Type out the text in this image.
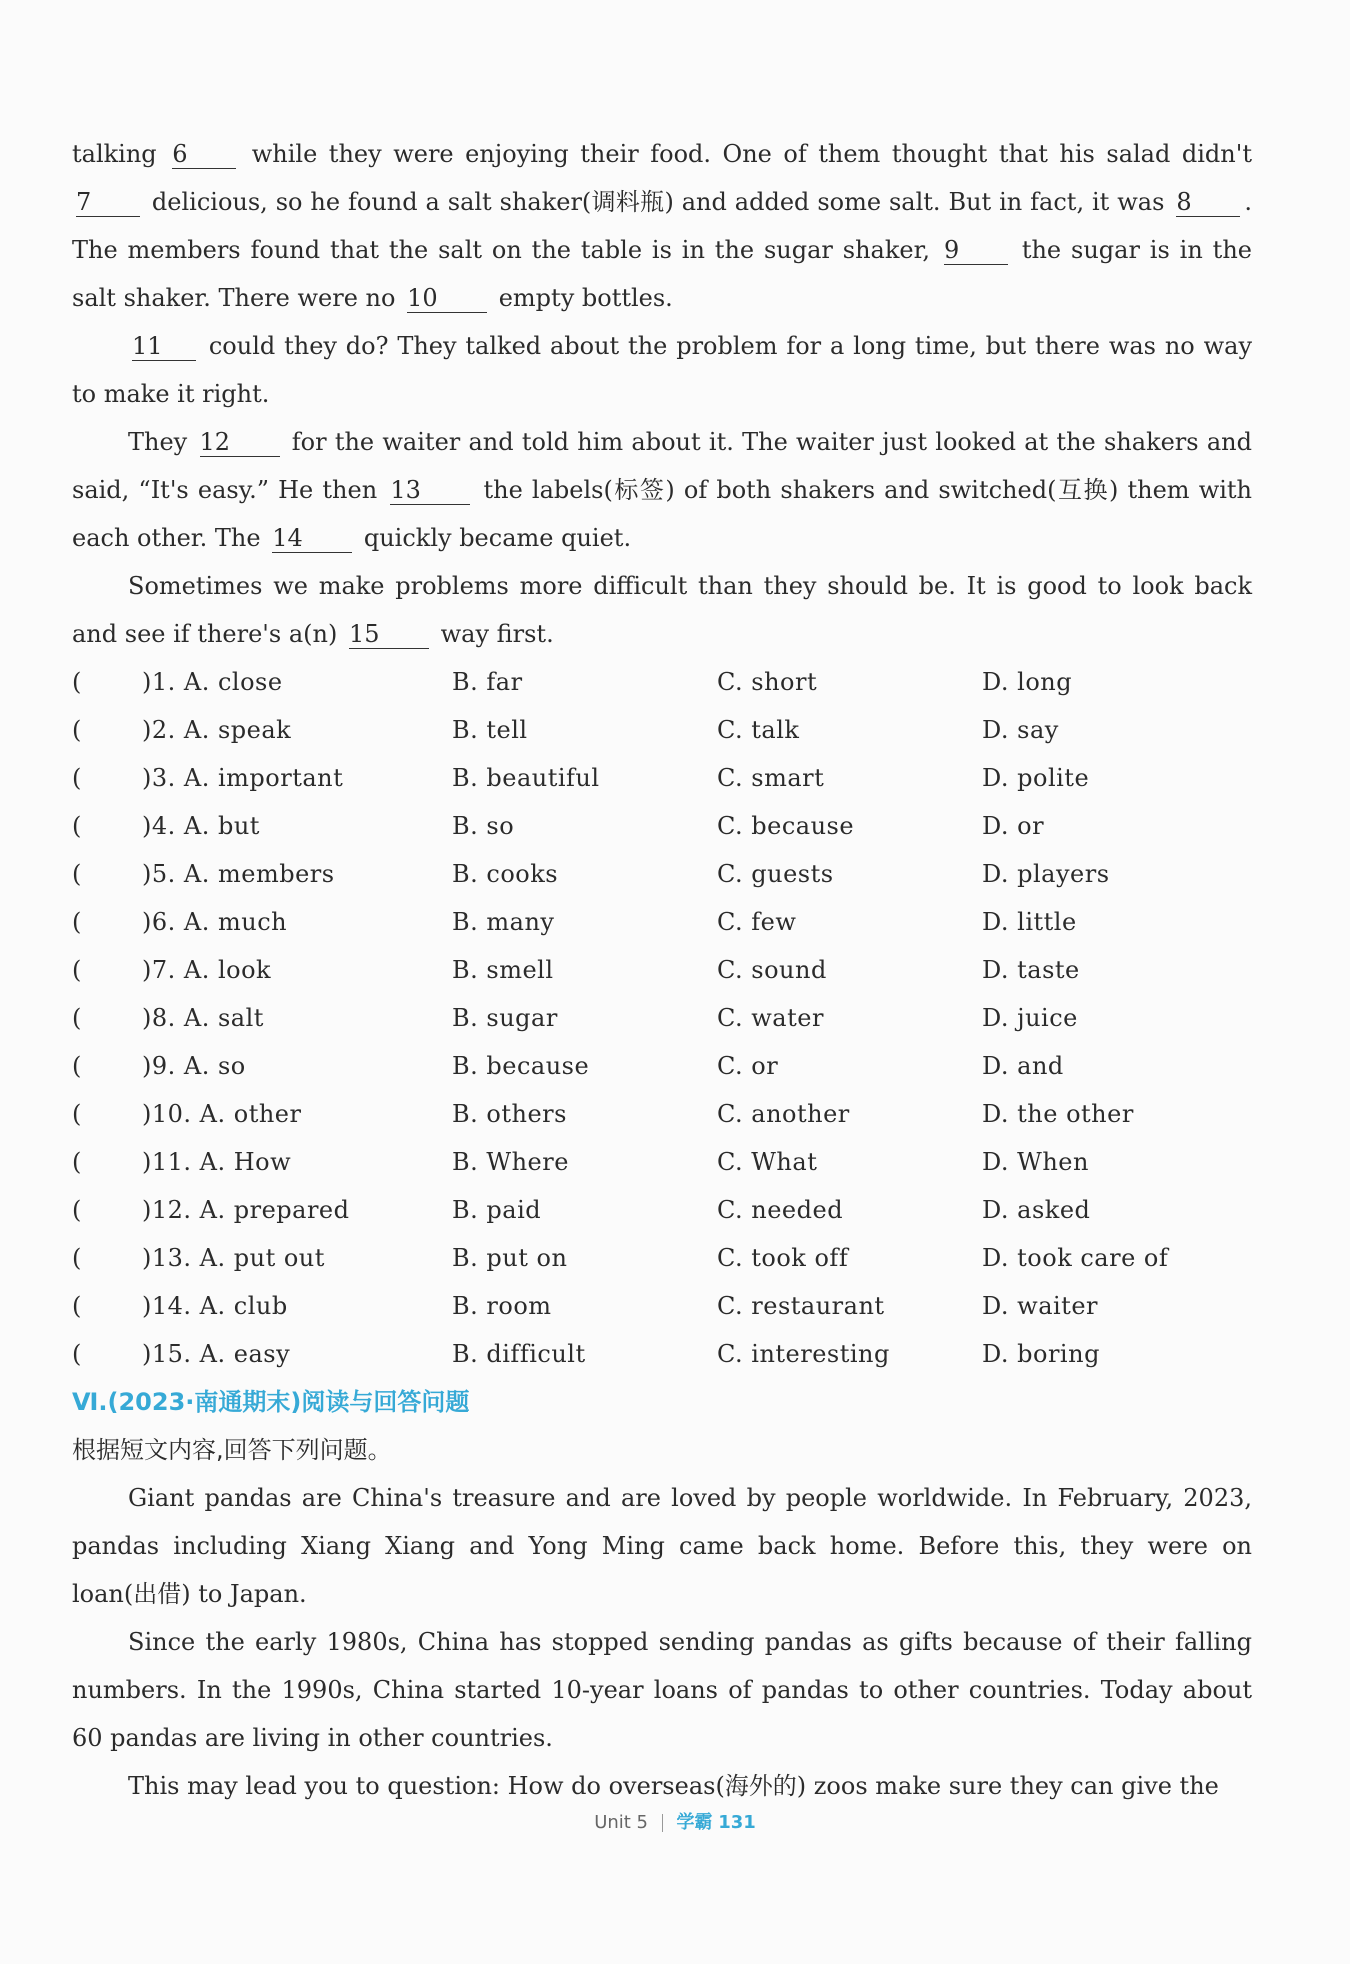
talking 6	while they were enjoying their food. One of them thought that his salad didn't 7	delicious, so he found a salt shaker(调料瓶) and added some salt. But in fact, it was 8 . The members found that the salt on the table is in the sugar shaker, 9	the sugar is in the salt shaker. There were no 10	empty bottles.

11 could they do? They talked about the problem for a long time, but there was no way to make it right.

They 12	for the waiter and told him about it. The waiter just looked at the shakers and said, “It's easy.” He then 13	the labels(标签) of both shakers and switched(互换) them with each other. The 14	quickly became quiet.

Sometimes we make problems more difficult than they should be. It is good to look back and see if there's a(n) 15	way first.

(	)1. A. close	B. far	C. short	D. long
(	)2. A. speak	B. tell	C. talk	D. say
(	)3. A. important	B. beautiful	C. smart	D. polite
(	)4. A. but	B. so	C. because	D. or
(	)5. A. members	B. cooks	C. guests	D. players
(	)6. A. much	B. many	C. few	D. little
(	)7. A. look	B. smell	C. sound	D. taste
(	)8. A. salt	B. sugar	C. water	D. juice
(	)9. A. so	B. because	C. or	D. and
(	)10. A. other	B. others	C. another	D. the other
(	)11. A. How	B. Where	C. What	D. When
(	)12. A. prepared	B. paid	C. needed	D. asked
(	)13. A. put out	B. put on	C. took off	D. took care of
(	)14. A. club	B. room	C. restaurant	D. waiter
(	)15. A. easy	B. difficult	C. interesting	D. boring

Ⅵ.(2023·南通期末)阅读与回答问题

根据短文内容,回答下列问题。

Giant pandas are China's treasure and are loved by people worldwide. In February, 2023, pandas including Xiang Xiang and Yong Ming came back home. Before this, they were on loan(出借) to Japan.

Since the early 1980s, China has stopped sending pandas as gifts because of their falling numbers. In the 1990s, China started 10-year loans of pandas to other countries. Today about 60 pandas are living in other countries.

This may lead you to question: How do overseas(海外的) zoos make sure they can give the

Unit 5 学霸 131
